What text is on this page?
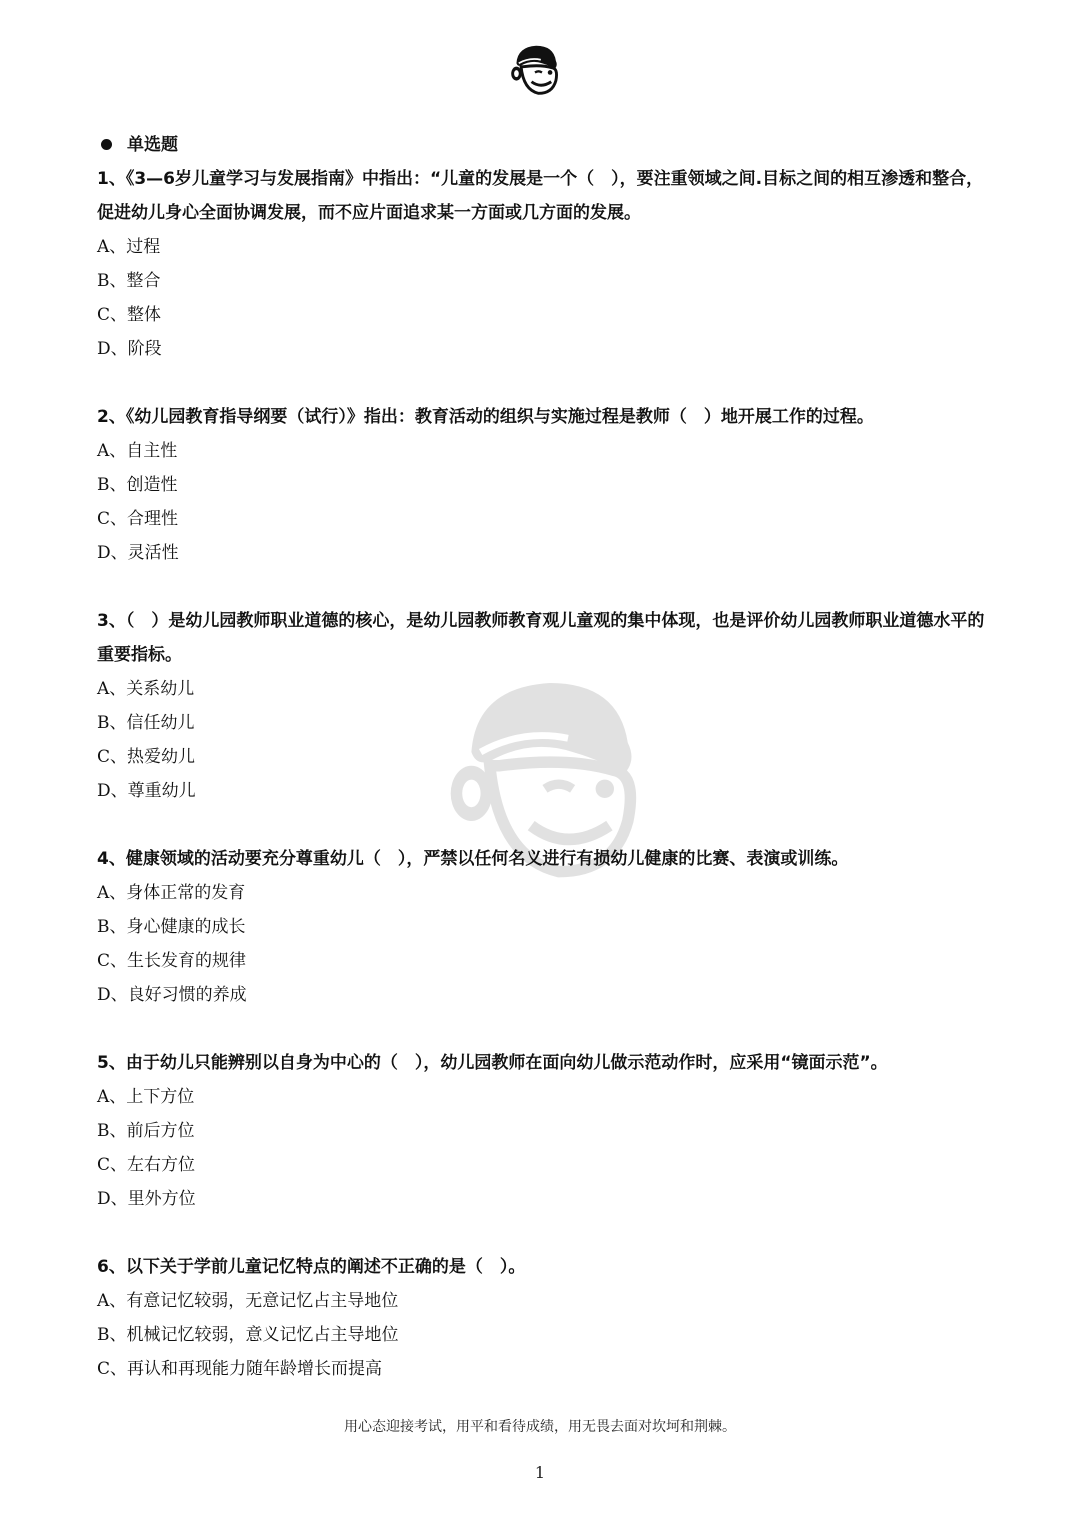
单选题
1、《3—6岁儿童学习与发展指南》中指出：“儿童的发展是一个（　），要注重领域之间.目标之间的相互渗透和整合，促进幼儿身心全面协调发展，而不应片面追求某一方面或几方面的发展。
A、过程
B、整合
C、整体
D、阶段
2、《幼儿园教育指导纲要（试行）》指出：教育活动的组织与实施过程是教师（　）地开展工作的过程。
A、自主性
B、创造性
C、合理性
D、灵活性
3、（　）是幼儿园教师职业道德的核心，是幼儿园教师教育观儿童观的集中体现，也是评价幼儿园教师职业道德水平的重要指标。
A、关系幼儿
B、信任幼儿
C、热爱幼儿
D、尊重幼儿
4、健康领域的活动要充分尊重幼儿（　），严禁以任何名义进行有损幼儿健康的比赛、表演或训练。
A、身体正常的发育
B、身心健康的成长
C、生长发育的规律
D、良好习惯的养成
5、由于幼儿只能辨别以自身为中心的（　），幼儿园教师在面向幼儿做示范动作时，应采用“镜面示范”。
A、上下方位
B、前后方位
C、左右方位
D、里外方位
6、以下关于学前儿童记忆特点的阐述不正确的是（　）。
A、有意记忆较弱，无意记忆占主导地位
B、机械记忆较弱，意义记忆占主导地位
C、再认和再现能力随年龄增长而提高
用心态迎接考试，用平和看待成绩，用无畏去面对坎坷和荆棘。
1
